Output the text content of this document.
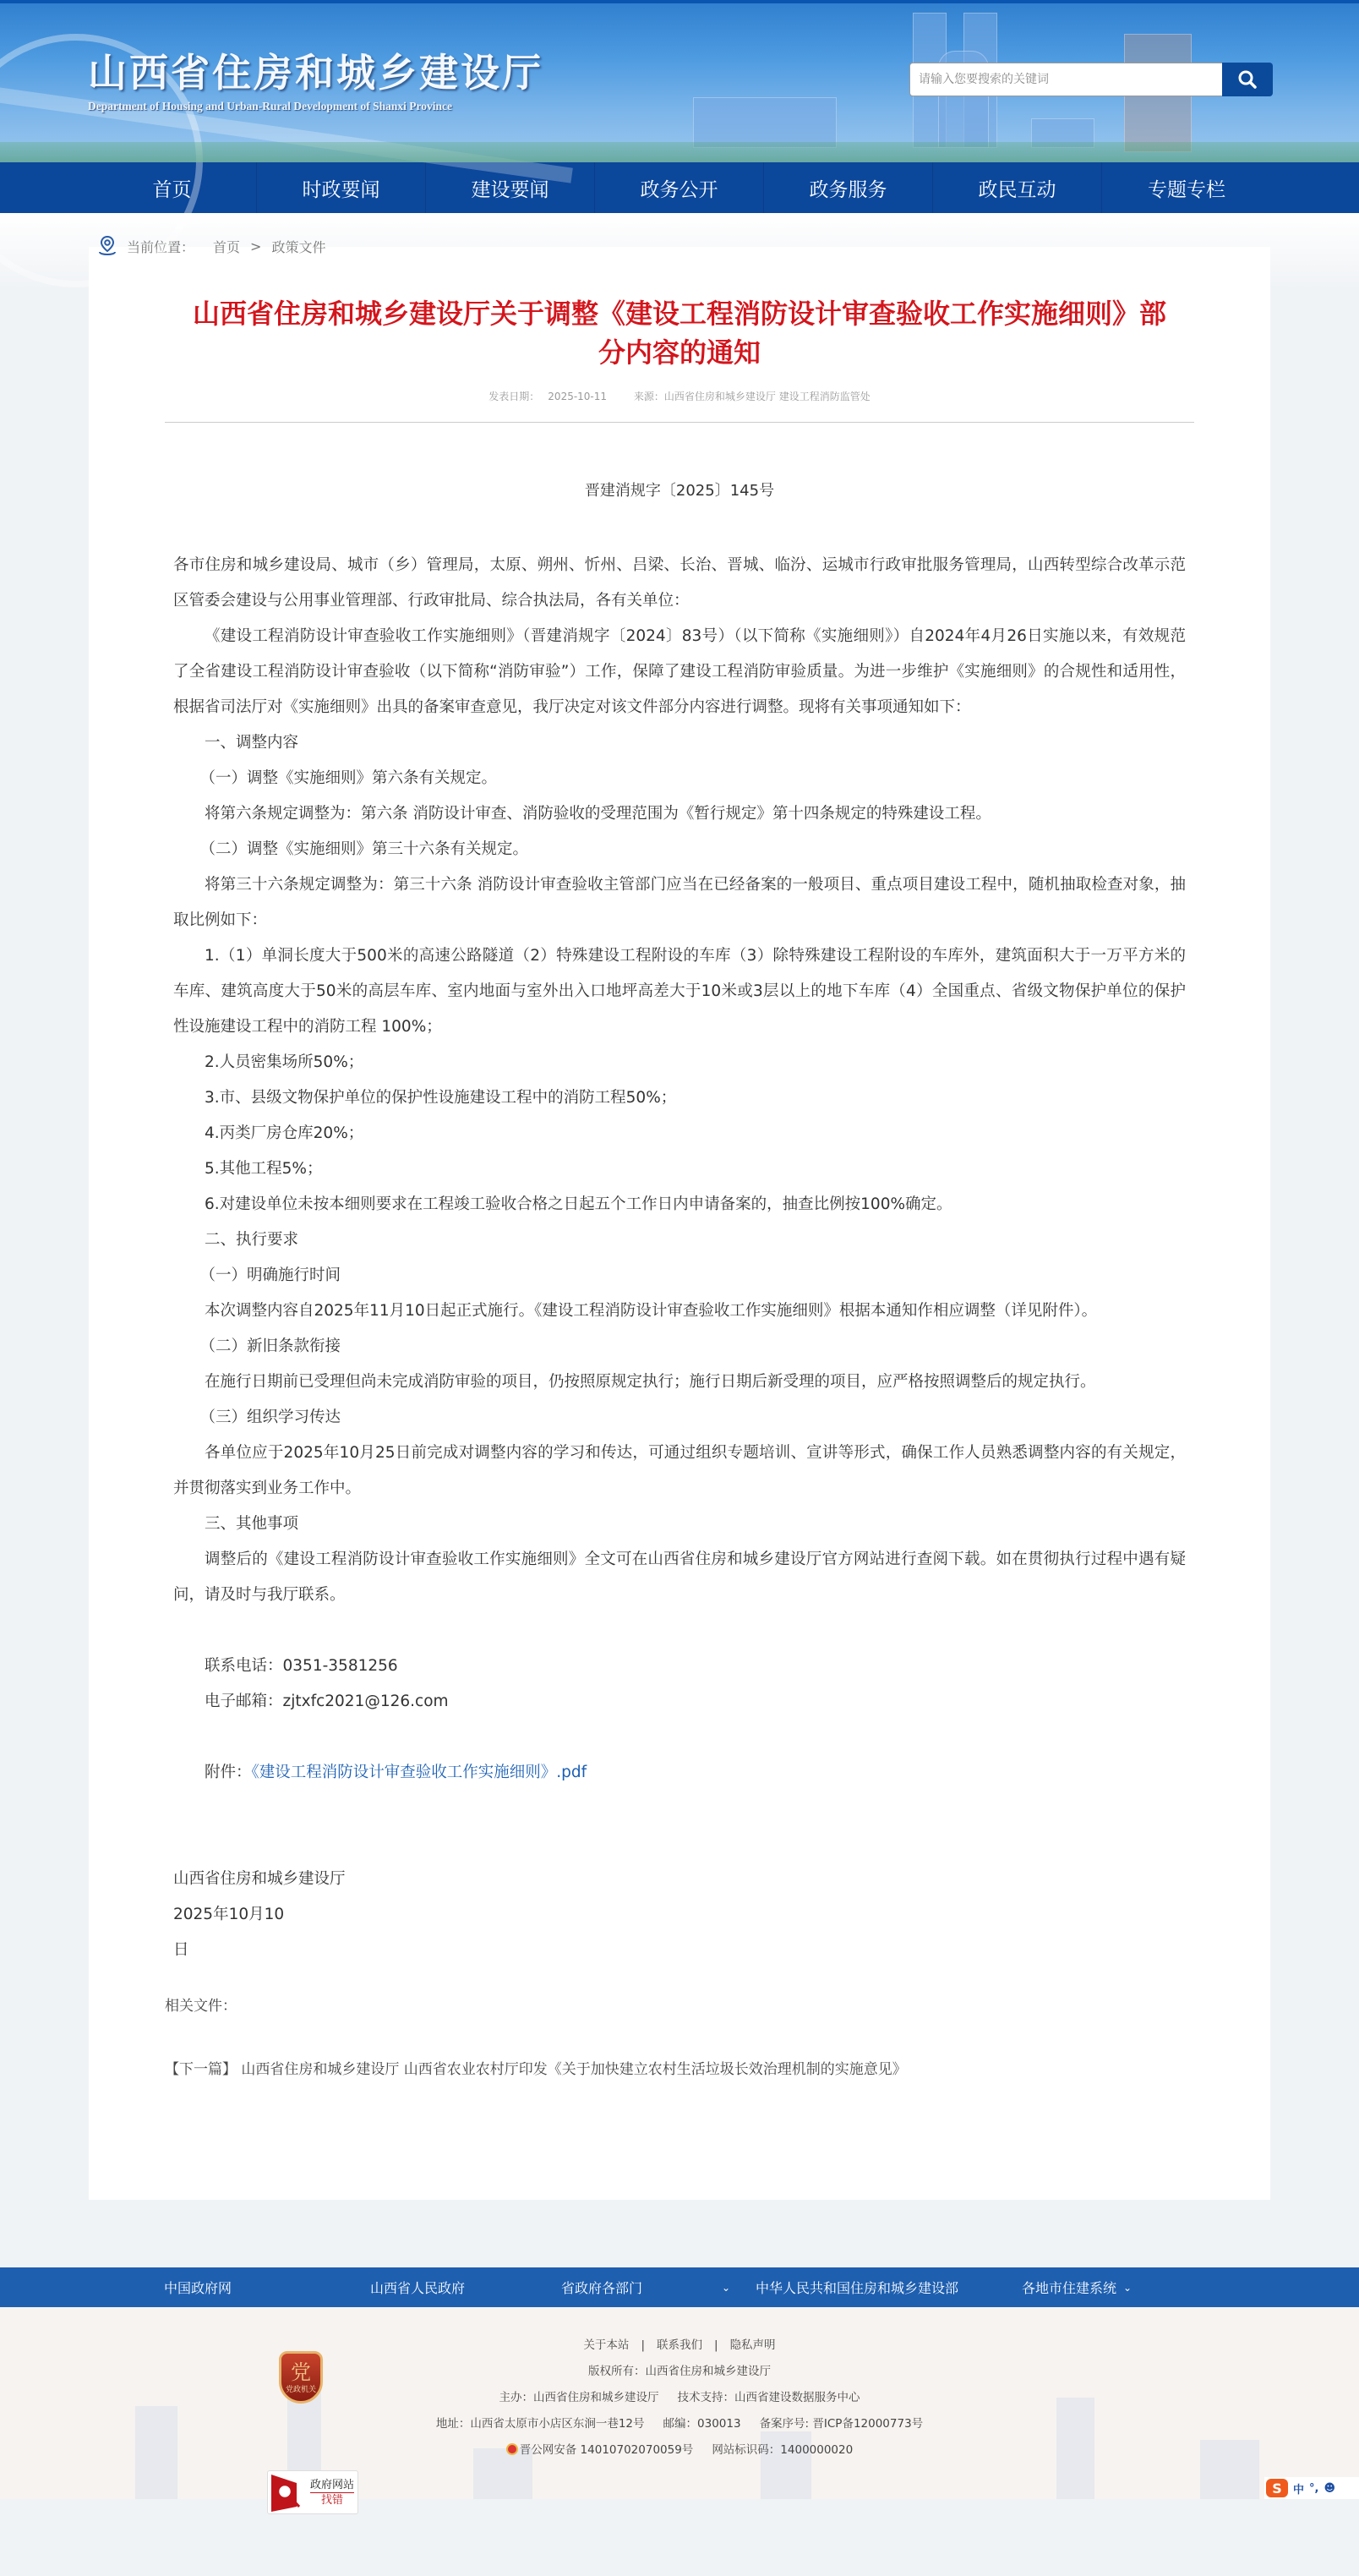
山西省住房和城乡建设厅
Department of Housing and Urban-Rural Development of Shanxi Province
请输入您要搜索的关键词
首页	时政要闻	建设要闻	政务公开	政务服务	政民互动	专题专栏
当前位置： 首页 > 政策文件
山西省住房和城乡建设厅关于调整《建设工程消防设计审查验收工作实施细则》部分内容的通知
发表日期： 2025-10-11	来源：山西省住房和城乡建设厅 建设工程消防监管处
晋建消规字〔2025〕145号

各市住房和城乡建设局、城市（乡）管理局，太原、朔州、忻州、吕梁、长治、晋城、临汾、运城市行政审批服务管理局，山西转型综合改革示范区管委会建设与公用事业管理部、行政审批局、综合执法局，各有关单位：

《建设工程消防设计审查验收工作实施细则》（晋建消规字〔2024〕83号）（以下简称《实施细则》）自2024年4月26日实施以来，有效规范了全省建设工程消防设计审查验收（以下简称“消防审验”）工作，保障了建设工程消防审验质量。为进一步维护《实施细则》的合规性和适用性，根据省司法厅对《实施细则》出具的备案审查意见，我厅决定对该文件部分内容进行调整。现将有关事项通知如下：

一、调整内容

（一）调整《实施细则》第六条有关规定。

将第六条规定调整为：第六条 消防设计审查、消防验收的受理范围为《暂行规定》第十四条规定的特殊建设工程。

（二）调整《实施细则》第三十六条有关规定。

将第三十六条规定调整为：第三十六条 消防设计审查验收主管部门应当在已经备案的一般项目、重点项目建设工程中，随机抽取检查对象，抽取比例如下：

1.（1）单洞长度大于500米的高速公路隧道（2）特殊建设工程附设的车库（3）除特殊建设工程附设的车库外，建筑面积大于一万平方米的车库、建筑高度大于50米的高层车库、室内地面与室外出入口地坪高差大于10米或3层以上的地下车库（4）全国重点、省级文物保护单位的保护性设施建设工程中的消防工程 100%；

2.人员密集场所50%；

3.市、县级文物保护单位的保护性设施建设工程中的消防工程50%；

4.丙类厂房仓库20%；

5.其他工程5%；

6.对建设单位未按本细则要求在工程竣工验收合格之日起五个工作日内申请备案的，抽查比例按100%确定。

二、执行要求

（一）明确施行时间

本次调整内容自2025年11月10日起正式施行。《建设工程消防设计审查验收工作实施细则》根据本通知作相应调整（详见附件）。

（二）新旧条款衔接

在施行日期前已受理但尚未完成消防审验的项目，仍按照原规定执行；施行日期后新受理的项目，应严格按照调整后的规定执行。

（三）组织学习传达

各单位应于2025年10月25日前完成对调整内容的学习和传达，可通过组织专题培训、宣讲等形式，确保工作人员熟悉调整内容的有关规定，并贯彻落实到业务工作中。

三、其他事项

调整后的《建设工程消防设计审查验收工作实施细则》全文可在山西省住房和城乡建设厅官方网站进行查阅下载。如在贯彻执行过程中遇有疑问，请及时与我厅联系。

联系电话：0351-3581256

电子邮箱：zjtxfc2021@126.com

附件：《建设工程消防设计审查验收工作实施细则》.pdf

山西省住房和城乡建设厅

2025年10月10

日

相关文件：
【下一篇】 山西省住房和城乡建设厅 山西省农业农村厅印发《关于加快建立农村生活垃圾长效治理机制的实施意见》
中国政府网	山西省人民政府	省政府各部门	⌄ 中华人民共和国住房和城乡建设部	各地市住建系统 ⌄
党
党政机关
关于本站 | 联系我们 | 隐私声明
版权所有：山西省住房和城乡建设厅
主办：山西省住房和城乡建设厅 技术支持：山西省建设数据服务中心
地址：山西省太原市小店区东涧一巷12号 邮编：030013 备案序号: 晋ICP备12000773号
晋公网安备 14010702070059号 网站标识码：1400000020
政府网站
找错
S	中 °, ☻
